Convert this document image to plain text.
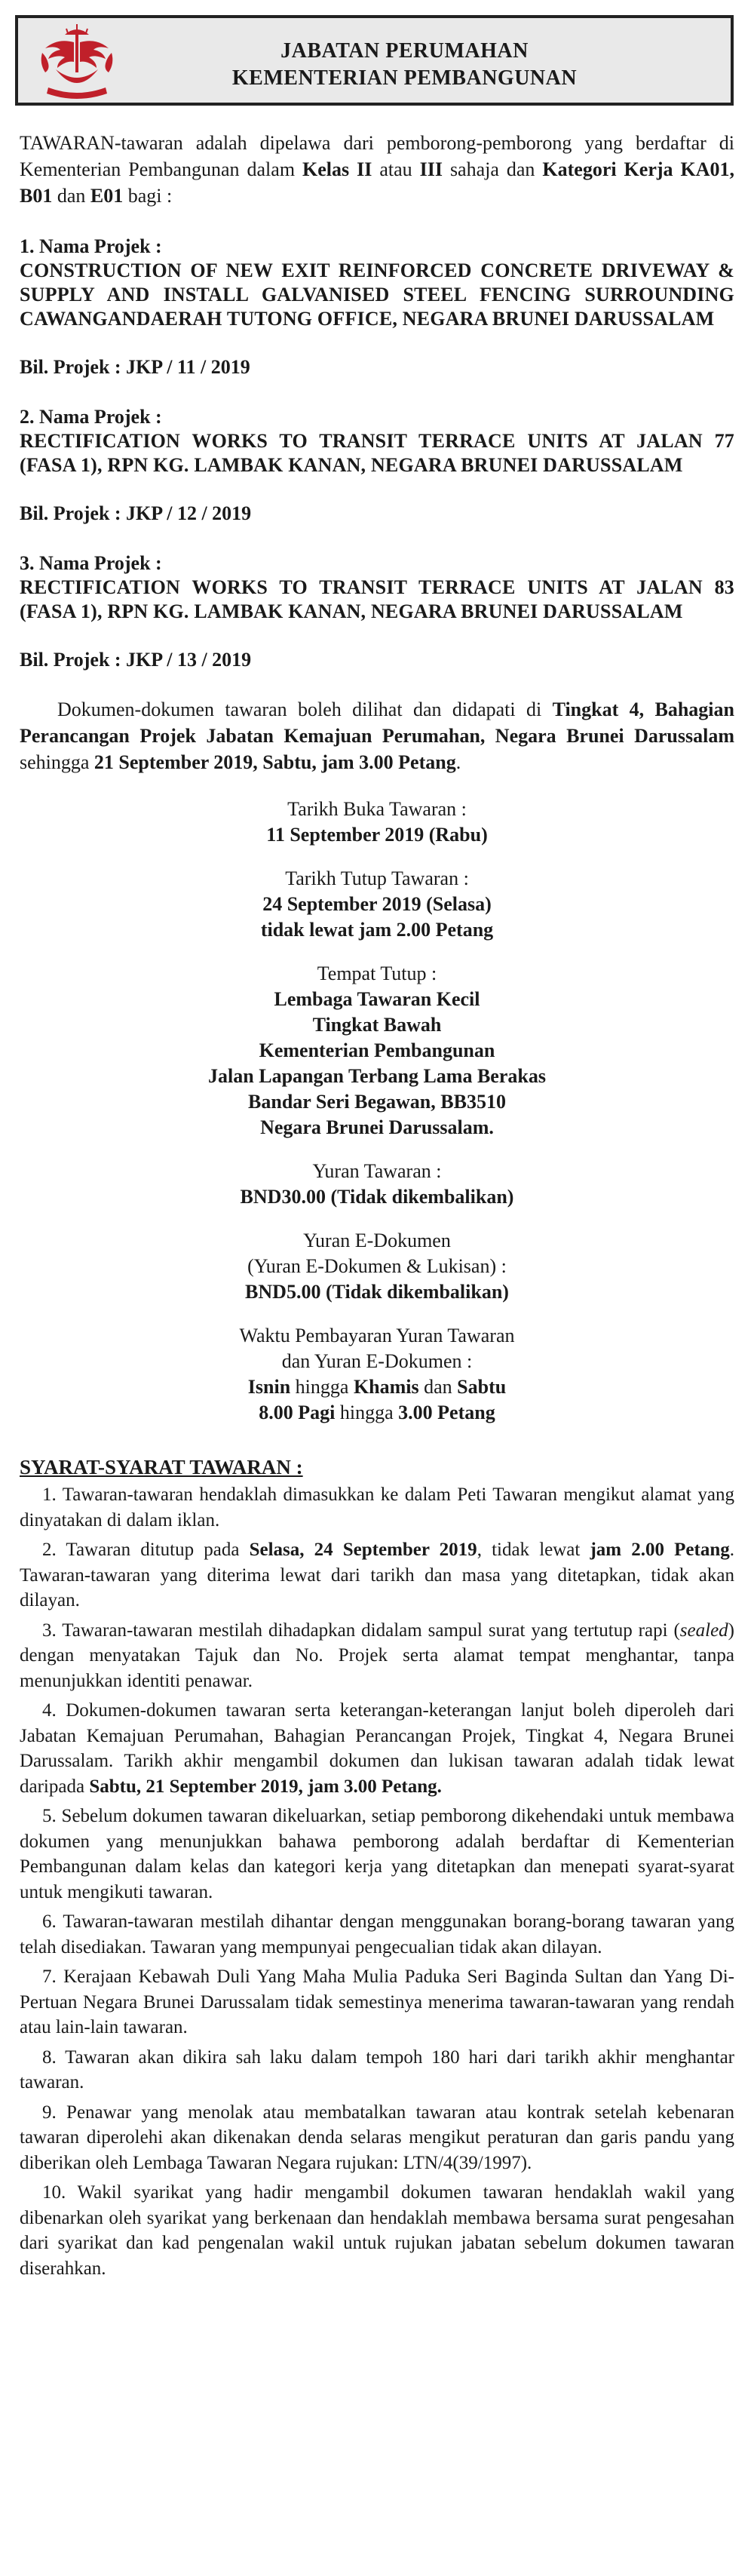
JABATAN PERUMAHAN
KEMENTERIAN PEMBANGUNAN

TAWARAN-tawaran adalah dipelawa dari pemborong-pemborong yang berdaftar di Kementerian Pembangunan dalam Kelas II atau III sahaja dan Kategori Kerja KA01, B01 dan E01 bagi :

1. Nama Projek :
CONSTRUCTION OF NEW EXIT REINFORCED CONCRETE DRIVEWAY & SUPPLY AND INSTALL GALVANISED STEEL FENCING SURROUNDING CAWANGANDAERAH TUTONG OFFICE, NEGARA BRUNEI DARUSSALAM
Bil. Projek : JKP / 11 / 2019
2. Nama Projek :
RECTIFICATION WORKS TO TRANSIT TERRACE UNITS AT JALAN 77 (FASA 1), RPN KG. LAMBAK KANAN, NEGARA BRUNEI DARUSSALAM
Bil. Projek : JKP / 12 / 2019
3. Nama Projek :
RECTIFICATION WORKS TO TRANSIT TERRACE UNITS AT JALAN 83 (FASA 1), RPN KG. LAMBAK KANAN, NEGARA BRUNEI DARUSSALAM
Bil. Projek : JKP / 13 / 2019

Dokumen-dokumen tawaran boleh dilihat dan didapati di Tingkat 4, Bahagian Perancangan Projek Jabatan Kemajuan Perumahan, Negara Brunei Darussalam sehingga 21 September 2019, Sabtu, jam 3.00 Petang.

Tarikh Buka Tawaran :
11 September 2019 (Rabu)
Tarikh Tutup Tawaran :
24 September 2019 (Selasa)
tidak lewat jam 2.00 Petang
Tempat Tutup :
Lembaga Tawaran Kecil
Tingkat Bawah
Kementerian Pembangunan
Jalan Lapangan Terbang Lama Berakas
Bandar Seri Begawan, BB3510
Negara Brunei Darussalam.
Yuran Tawaran :
BND30.00 (Tidak dikembalikan)
Yuran E-Dokumen
(Yuran E-Dokumen & Lukisan) :
BND5.00 (Tidak dikembalikan)
Waktu Pembayaran Yuran Tawaran
dan Yuran E-Dokumen :
Isnin hingga Khamis dan Sabtu
8.00 Pagi hingga 3.00 Petang
SYARAT-SYARAT TAWARAN :

1. Tawaran-tawaran hendaklah dimasukkan ke dalam Peti Tawaran mengikut alamat yang dinyatakan di dalam iklan.

2. Tawaran ditutup pada Selasa, 24 September 2019, tidak lewat jam 2.00 Petang. Tawaran-tawaran yang diterima lewat dari tarikh dan masa yang ditetapkan, tidak akan dilayan.

3. Tawaran-tawaran mestilah dihadapkan didalam sampul surat yang tertutup rapi (sealed) dengan menyatakan Tajuk dan No. Projek serta alamat tempat menghantar, tanpa menunjukkan identiti penawar.

4. Dokumen-dokumen tawaran serta keterangan-keterangan lanjut boleh diperoleh dari Jabatan Kemajuan Perumahan, Bahagian Perancangan Projek, Tingkat 4, Negara Brunei Darussalam. Tarikh akhir mengambil dokumen dan lukisan tawaran adalah tidak lewat daripada Sabtu, 21 September 2019, jam 3.00 Petang.

5. Sebelum dokumen tawaran dikeluarkan, setiap pemborong dikehendaki untuk membawa dokumen yang menunjukkan bahawa pemborong adalah berdaftar di Kementerian Pembangunan dalam kelas dan kategori kerja yang ditetapkan dan menepati syarat-syarat untuk mengikuti tawaran.

6. Tawaran-tawaran mestilah dihantar dengan menggunakan borang-borang tawaran yang telah disediakan. Tawaran yang mempunyai pengecualian tidak akan dilayan.

7. Kerajaan Kebawah Duli Yang Maha Mulia Paduka Seri Baginda Sultan dan Yang Di-Pertuan Negara Brunei Darussalam tidak semestinya menerima tawaran-tawaran yang rendah atau lain-lain tawaran.

8. Tawaran akan dikira sah laku dalam tempoh 180 hari dari tarikh akhir menghantar tawaran.

9. Penawar yang menolak atau membatalkan tawaran atau kontrak setelah kebenaran tawaran diperolehi akan dikenakan denda selaras mengikut peraturan dan garis pandu yang diberikan oleh Lembaga Tawaran Negara rujukan: LTN/4(39/1997).

10. Wakil syarikat yang hadir mengambil dokumen tawaran hendaklah wakil yang dibenarkan oleh syarikat yang berkenaan dan hendaklah membawa bersama surat pengesahan dari syarikat dan kad pengenalan wakil untuk rujukan jabatan sebelum dokumen tawaran diserahkan.
